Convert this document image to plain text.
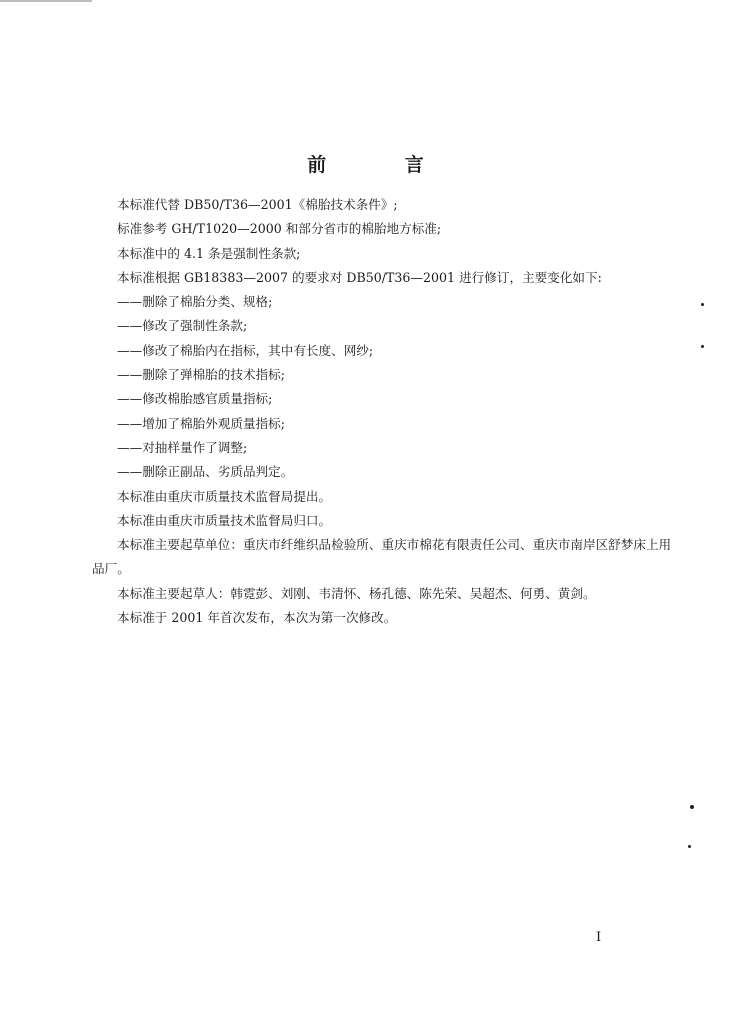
前 言

本标准代替 DB50/T36—2001《棉胎技术条件》;

标准参考 GH/T1020—2000 和部分省市的棉胎地方标准;

本标准中的 4.1 条是强制性条款;

本标准根据 GB18383—2007 的要求对 DB50/T36—2001 进行修订，主要变化如下:

——删除了棉胎分类、规格;

——修改了强制性条款;

——修改了棉胎内在指标，其中有长度、网纱;

——删除了弹棉胎的技术指标;

——修改棉胎感官质量指标;

——增加了棉胎外观质量指标;

——对抽样量作了调整;

——删除正副品、劣质品判定。

本标准由重庆市质量技术监督局提出。

本标准由重庆市质量技术监督局归口。

本标准主要起草单位：重庆市纤维织品检验所、重庆市棉花有限责任公司、重庆市南岸区舒梦床上用品厂。

本标准主要起草人：韩霓彭、刘刚、韦清怀、杨孔德、陈先荣、吴超杰、何勇、黄剑。

本标准于 2001 年首次发布，本次为第一次修改。

I
